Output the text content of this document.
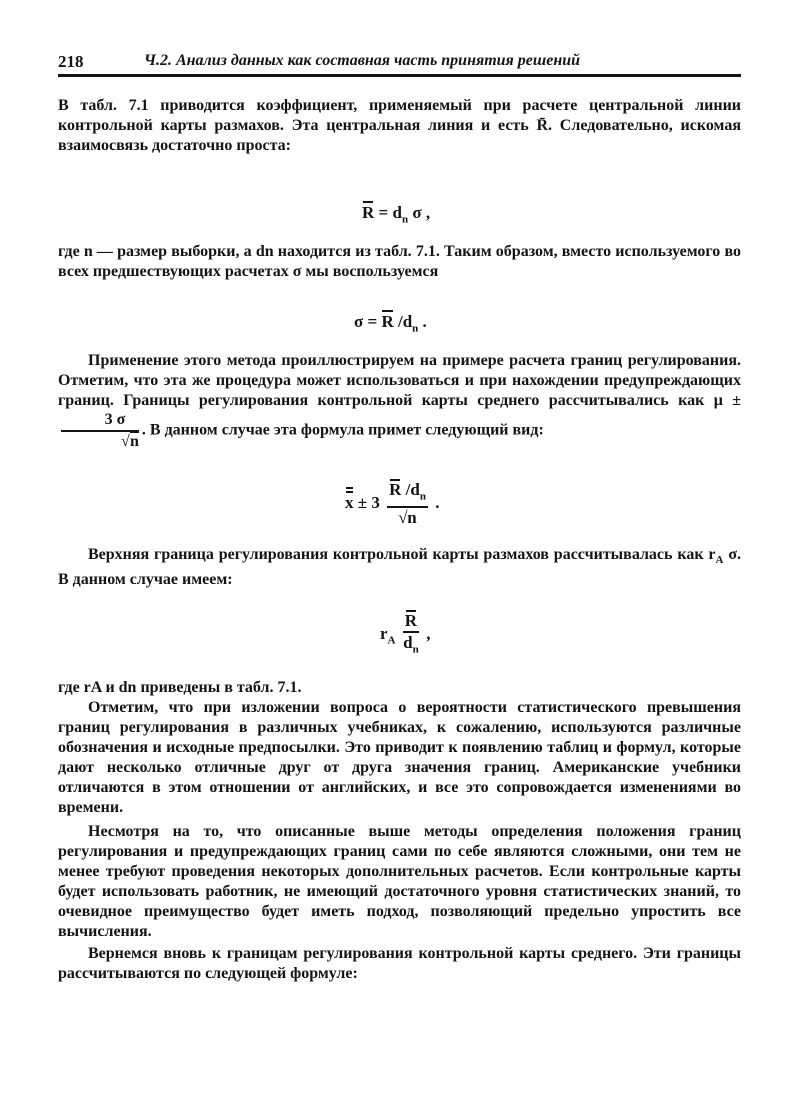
218	Ч.2. Анализ данных как составная часть принятия решений

В табл. 7.1 приводится коэффициент, применяемый при расчете центральной линии контрольной карты размахов. Эта центральная линия и есть R̄. Следовательно, искомая взаимосвязь достаточно проста:

$R = d_n$ σ ,

где n — размер выборки, а dn находится из табл. 7.1. Таким образом, вместо используемого во всех предшествующих расчетах σ мы воспользуемся

σ = R $/d_n$ .

Применение этого метода проиллюстрируем на примере расчета границ регулирования. Отметим, что эта же процедура может использоваться и при нахождении предупреждающих границ. Границы регулирования контрольной карты среднего рассчитывались как μ ±
3 σ
√ n . В данном случае эта формула примет следующий вид:

x ± 3 R $/d_n$
√ n .

Верхняя граница регулирования контрольной карты размахов рассчитывалась как $r_A$ σ. В данном случае имеем:

$r_A \frac{R}{d_n}$ ,

где rA и dn приведены в табл. 7.1.

Отметим, что при изложении вопроса о вероятности статистического превышения границ регулирования в различных учебниках, к сожалению, используются различные обозначения и исходные предпосылки. Это приводит к появлению таблиц и формул, которые дают несколько отличные друг от друга значения границ. Американские учебники отличаются в этом отношении от английских, и все это сопровождается изменениями во времени.

Несмотря на то, что описанные выше методы определения положения границ регулирования и предупреждающих границ сами по себе являются сложными, они тем не менее требуют проведения некоторых дополнительных расчетов. Если контрольные карты будет использовать работник, не имеющий достаточного уровня статистических знаний, то очевидное преимущество будет иметь подход, позволяющий предельно упростить все вычисления.

Вернемся вновь к границам регулирования контрольной карты среднего. Эти границы рассчитываются по следующей формуле:
